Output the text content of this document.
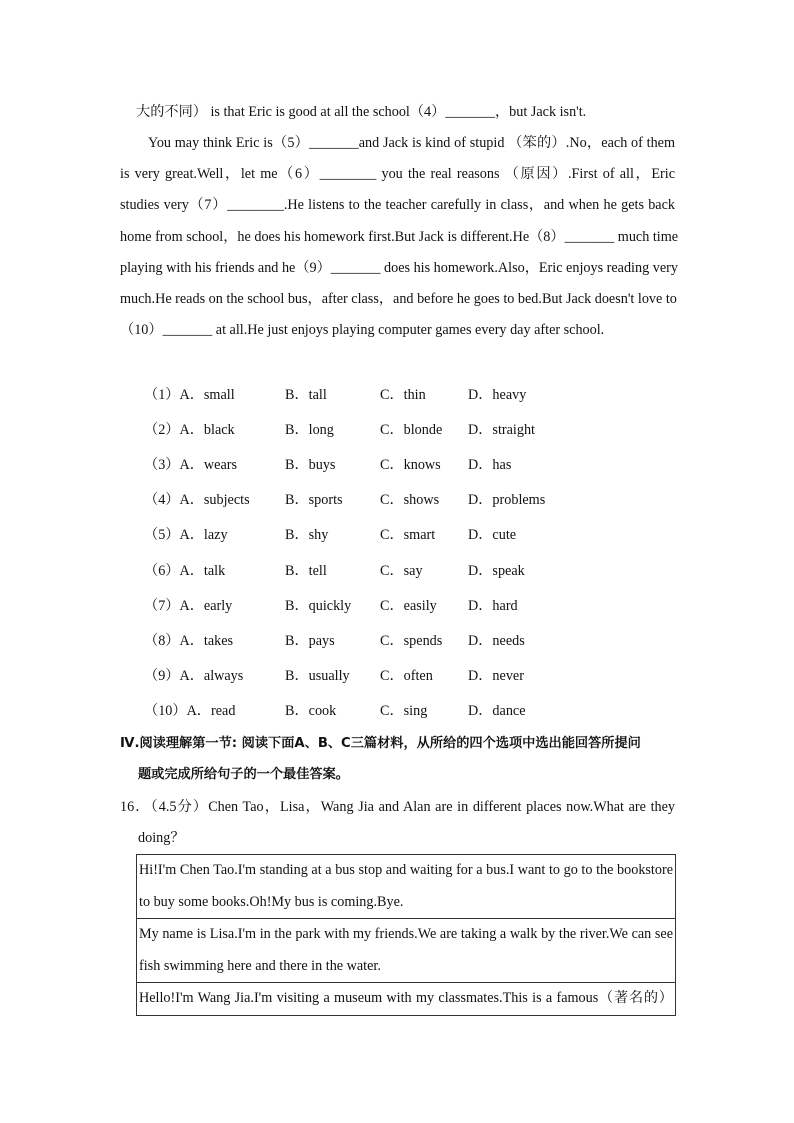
大的不同） is that Eric is good at all the school（4）_______，but Jack isn't.
You may think Eric is（5）_______and Jack is kind of stupid （笨的）.No，each of them
is very great.Well，let me（6）________ you the real reasons （原因）.First of all，Eric
studies very（7）________.He listens to the teacher carefully in class，and when he gets back
home from school，he does his homework first.But Jack is different.He（8）_______ much time
playing with his friends and he（9）_______ does his homework.Also，Eric enjoys reading very
much.He reads on the school bus，after class，and before he goes to bed.But Jack doesn't love to
（10）_______ at all.He just enjoys playing computer games every day after school.
（1）A．small	B．tall	C．thin	D．heavy
（2）A．black	B．long	C．blonde D．straight
（3）A．wears	B．buys	C．knows D．has
（4）A．subjects B．sports	C．shows D．problems
（5）A．lazy	B．shy	C．smart D．cute
（6）A．talk	B．tell	C．say	D．speak
（7）A．early	B．quickly C．easily D．hard
（8）A．takes	B．pays	C．spends D．needs
（9）A．always	B．usually C．often D．never
（10）A．read	B．cook	C．sing	D．dance
Ⅳ.阅读理解第一节: 阅读下面A、B、C三篇材料，从所给的四个选项中选出能回答所提问
题或完成所给句子的一个最佳答案。
16．（4.5分）Chen Tao，Lisa，Wang Jia and Alan are in different places now.What are they
doing？
Hi!I'm Chen Tao.I'm standing at a bus stop and waiting for a bus.I want to go to the bookstore
to buy some books.Oh!My bus is coming.Bye.
My name is Lisa.I'm in the park with my friends.We are taking a walk by the river.We can see
fish swimming here and there in the water.
Hello!I'm Wang Jia.I'm visiting a museum with my classmates.This is a famous（著名的）
